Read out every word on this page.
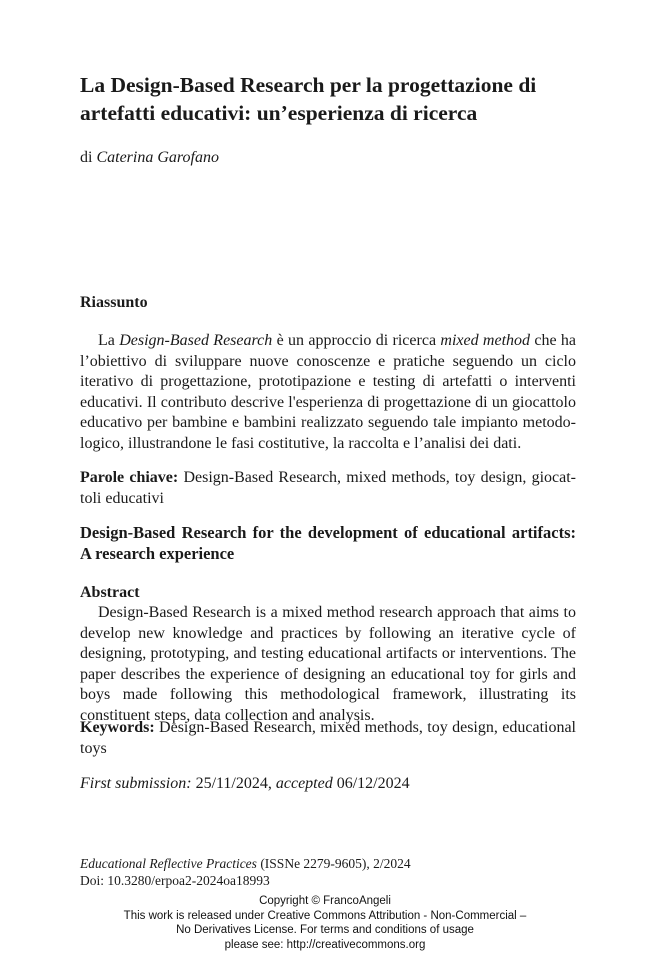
La Design-Based Research per la progettazione di artefatti educativi: un’esperienza di ricerca
di Caterina Garofano
Riassunto

La Design-Based Research è un approccio di ricerca mixed method che ha l’obiettivo di sviluppare nuove conoscenze e pratiche seguendo un ciclo iterativo di progettazione, prototipazione e testing di artefatti o interventi educativi. Il contributo descrive l'esperienza di progettazione di un giocattolo educativo per bambine e bambini realizzato seguendo tale impianto metodo-logico, illustrandone le fasi costitutive, la raccolta e l’analisi dei dati.

Parole chiave: Design-Based Research, mixed methods, toy design, giocat-toli educativi

Design-Based Research for the development of educational artifacts: A research experience
Abstract

Design-Based Research is a mixed method research approach that aims to develop new knowledge and practices by following an iterative cycle of designing, prototyping, and testing educational artifacts or interventions. The paper describes the experience of designing an educational toy for girls and boys made following this methodological framework, illustrating its constituent steps, data collection and analysis.

Keywords: Design-Based Research, mixed methods, toy design, educational toys

First submission: 25/11/2024, accepted 06/12/2024

Educational Reflective Practices (ISSNe 2279-9605), 2/2024
Doi: 10.3280/erpoa2-2024oa18993
Copyright © FrancoAngeli
This work is released under Creative Commons Attribution - Non-Commercial –
No Derivatives License. For terms and conditions of usage
please see: http://creativecommons.org
